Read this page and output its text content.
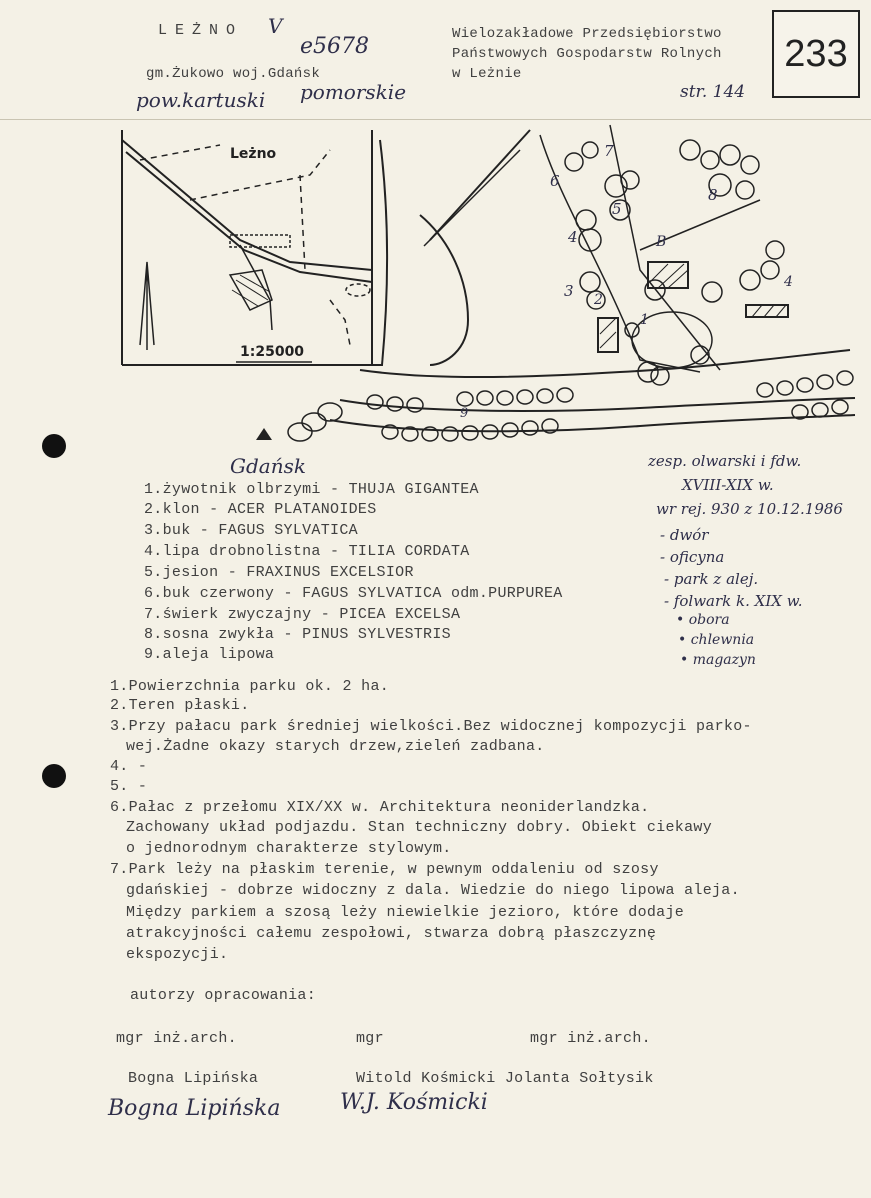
LEŻNO V
e5678
gm.Żukowo woj.Gdańsk
pow.kartuski pomorskie
Wielozakładowe Przedsiębiorstwo
Państwowych Gospodarstw Rolnych
w Leżnie	233
str. 144
Leżno
1:25000
1
2
3
4
5
6
7
8
9
B
4
Gdańsk
1.żywotnik olbrzymi - THUJA GIGANTEA
2.klon - ACER PLATANOIDES
3.buk - FAGUS SYLVATICA
4.lipa drobnolistna - TILIA CORDATA
5.jesion - FRAXINUS EXCELSIOR
6.buk czerwony - FAGUS SYLVATICA odm.PURPUREA
7.świerk zwyczajny - PICEA EXCELSA
8.sosna zwykła - PINUS SYLVESTRIS
9.aleja lipowa
zesp. olwarski i fdw.
XVIII-XIX w.
wr rej. 930 z 10.12.1986
- dwór
- oficyna
- park z alej.
- folwark k. XIX w.
• obora
• chlewnia
• magazyn
1.Powierzchnia parku ok. 2 ha.
2.Teren płaski.
3.Przy pałacu park średniej wielkości.Bez widocznej kompozycji parko-
wej.Żadne okazy starych drzew,zieleń zadbana.
4. -
5. -
6.Pałac z przełomu XIX/XX w. Architektura neoniderlandzka.
Zachowany układ podjazdu. Stan techniczny dobry. Obiekt ciekawy
o jednorodnym charakterze stylowym.
7.Park leży na płaskim terenie, w pewnym oddaleniu od szosy
gdańskiej - dobrze widoczny z dala. Wiedzie do niego lipowa aleja.
Między parkiem a szosą leży niewielkie jezioro, które dodaje
atrakcyjności całemu zespołowi, stwarza dobrą płaszczyznę
ekspozycji.
autorzy opracowania:
mgr inż.arch.	mgr	mgr inż.arch.
Bogna Lipińska	Witold Kośmicki Jolanta Sołtysik
Bogna Lipińska	W.J. Kośmicki
